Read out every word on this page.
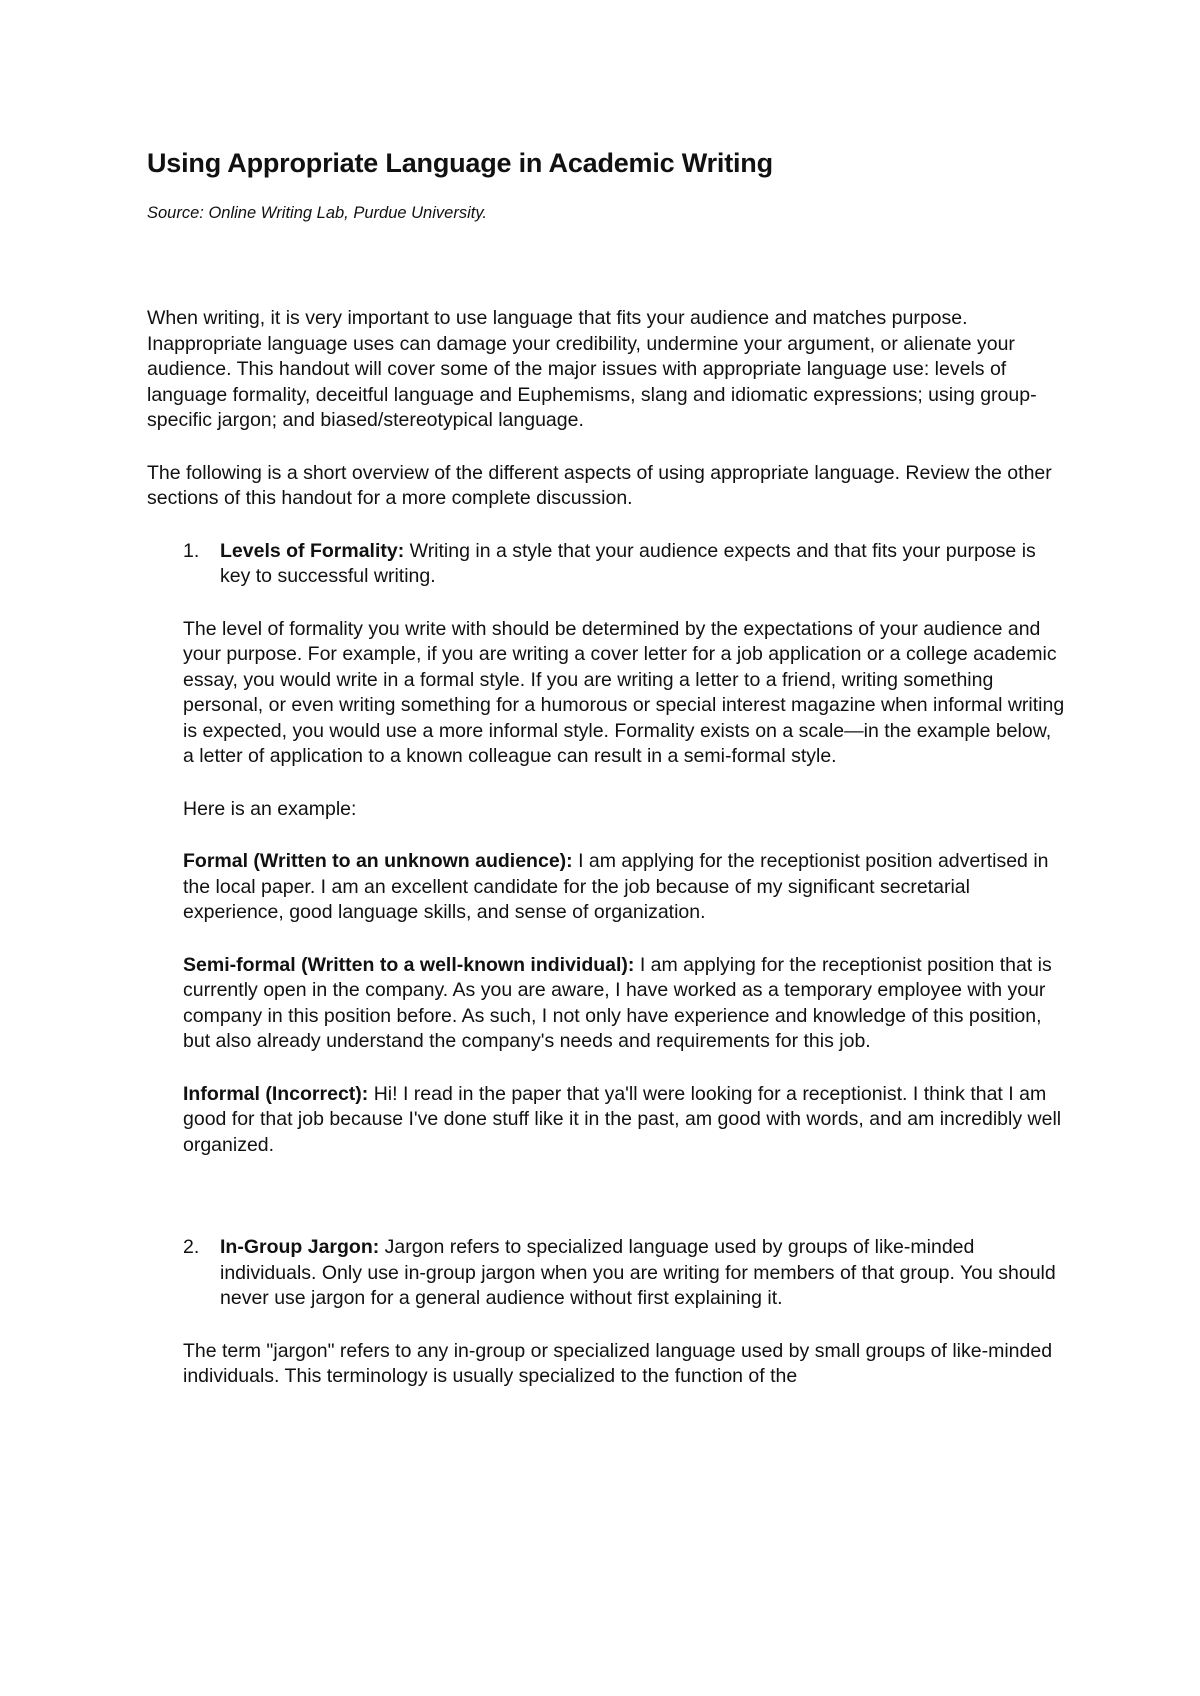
Using Appropriate Language in Academic Writing

Source: Online Writing Lab, Purdue University.

When writing, it is very important to use language that fits your audience and matches purpose. Inappropriate language uses can damage your credibility, undermine your argument, or alienate your audience. This handout will cover some of the major issues with appropriate language use: levels of language formality, deceitful language and Euphemisms, slang and idiomatic expressions; using group-specific jargon; and biased/stereotypical language.

The following is a short overview of the different aspects of using appropriate language. Review the other sections of this handout for a more complete discussion.

1. Levels of Formality: Writing in a style that your audience expects and that fits your purpose is key to successful writing.

The level of formality you write with should be determined by the expectations of your audience and your purpose. For example, if you are writing a cover letter for a job application or a college academic essay, you would write in a formal style. If you are writing a letter to a friend, writing something personal, or even writing something for a humorous or special interest magazine when informal writing is expected, you would use a more informal style. Formality exists on a scale—in the example below, a letter of application to a known colleague can result in a semi-formal style.

Here is an example:

Formal (Written to an unknown audience): I am applying for the receptionist position advertised in the local paper. I am an excellent candidate for the job because of my significant secretarial experience, good language skills, and sense of organization.

Semi-formal (Written to a well-known individual): I am applying for the receptionist position that is currently open in the company. As you are aware, I have worked as a temporary employee with your company in this position before. As such, I not only have experience and knowledge of this position, but also already understand the company's needs and requirements for this job.

Informal (Incorrect): Hi! I read in the paper that ya'll were looking for a receptionist. I think that I am good for that job because I've done stuff like it in the past, am good with words, and am incredibly well organized.

2. In-Group Jargon: Jargon refers to specialized language used by groups of like-minded individuals. Only use in-group jargon when you are writing for members of that group. You should never use jargon for a general audience without first explaining it.

The term "jargon" refers to any in-group or specialized language used by small groups of like-minded individuals. This terminology is usually specialized to the function of the
